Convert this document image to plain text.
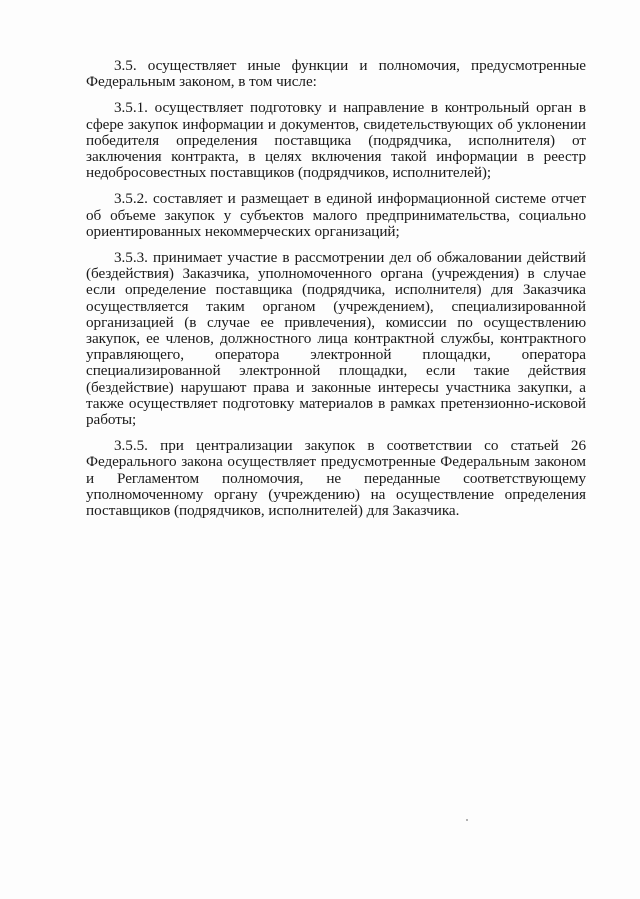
3.5. осуществляет иные функции и полномочия, предусмотренные Федеральным законом, в том числе:

3.5.1. осуществляет подготовку и направление в контрольный орган в сфере закупок информации и документов, свидетельствующих об уклонении победителя определения поставщика (подрядчика, исполнителя) от заключения контракта, в целях включения такой информации в реестр недобросовестных поставщиков (подрядчиков, исполнителей);

3.5.2. составляет и размещает в единой информационной системе отчет об объеме закупок у субъектов малого предпринимательства, социально ориентированных некоммерческих организаций;

3.5.3. принимает участие в рассмотрении дел об обжаловании действий (бездействия) Заказчика, уполномоченного органа (учреждения) в случае если определение поставщика (подрядчика, исполнителя) для Заказчика осуществляется таким органом (учреждением), специализированной организацией (в случае ее привлечения), комиссии по осуществлению закупок, ее членов, должностного лица контрактной службы, контрактного управляющего, оператора электронной площадки, оператора специализированной электронной площадки, если такие действия (бездействие) нарушают права и законные интересы участника закупки, а также осуществляет подготовку материалов в рамках претензионно-исковой работы;

3.5.5. при централизации закупок в соответствии со статьей 26 Федерального закона осуществляет предусмотренные Федеральным законом и Регламентом полномочия, не переданные соответствующему уполномоченному органу (учреждению) на осуществление определения поставщиков (подрядчиков, исполнителей) для Заказчика.
